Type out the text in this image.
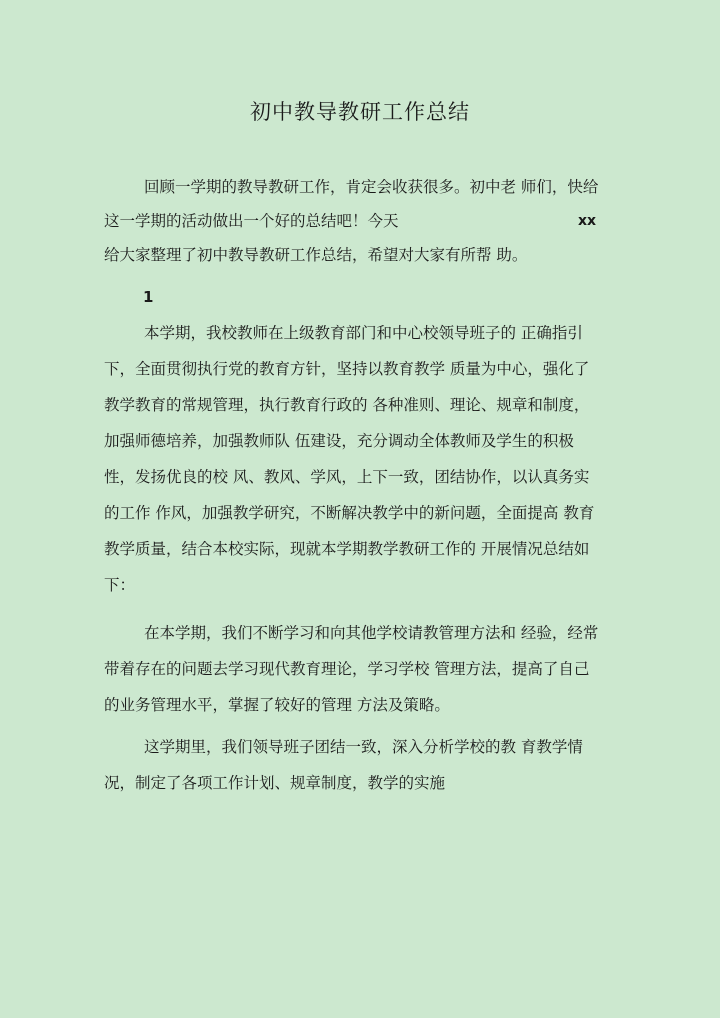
初中教导教研工作总结
回顾一学期的教导教研工作，肯定会收获很多。初中老 师们，快给
这一学期的活动做出一个好的总结吧！今天	xx
给大家整理了初中教导教研工作总结，希望对大家有所帮 助。
1
本学期，我校教师在上级教育部门和中心校领导班子的 正确指引
下，全面贯彻执行党的教育方针，坚持以教育教学 质量为中心，强化了
教学教育的常规管理，执行教育行政的 各种准则、理论、规章和制度，
加强师德培养，加强教师队 伍建设，充分调动全体教师及学生的积极
性，发扬优良的校 风、教风、学风，上下一致，团结协作，以认真务实
的工作 作风，加强教学研究，不断解决教学中的新问题，全面提高 教育
教学质量，结合本校实际，现就本学期教学教研工作的 开展情况总结如
下：
在本学期，我们不断学习和向其他学校请教管理方法和 经验，经常
带着存在的问题去学习现代教育理论，学习学校 管理方法，提高了自己
的业务管理水平，掌握了较好的管理 方法及策略。
这学期里，我们领导班子团结一致，深入分析学校的教 育教学情
况，制定了各项工作计划、规章制度，教学的实施
